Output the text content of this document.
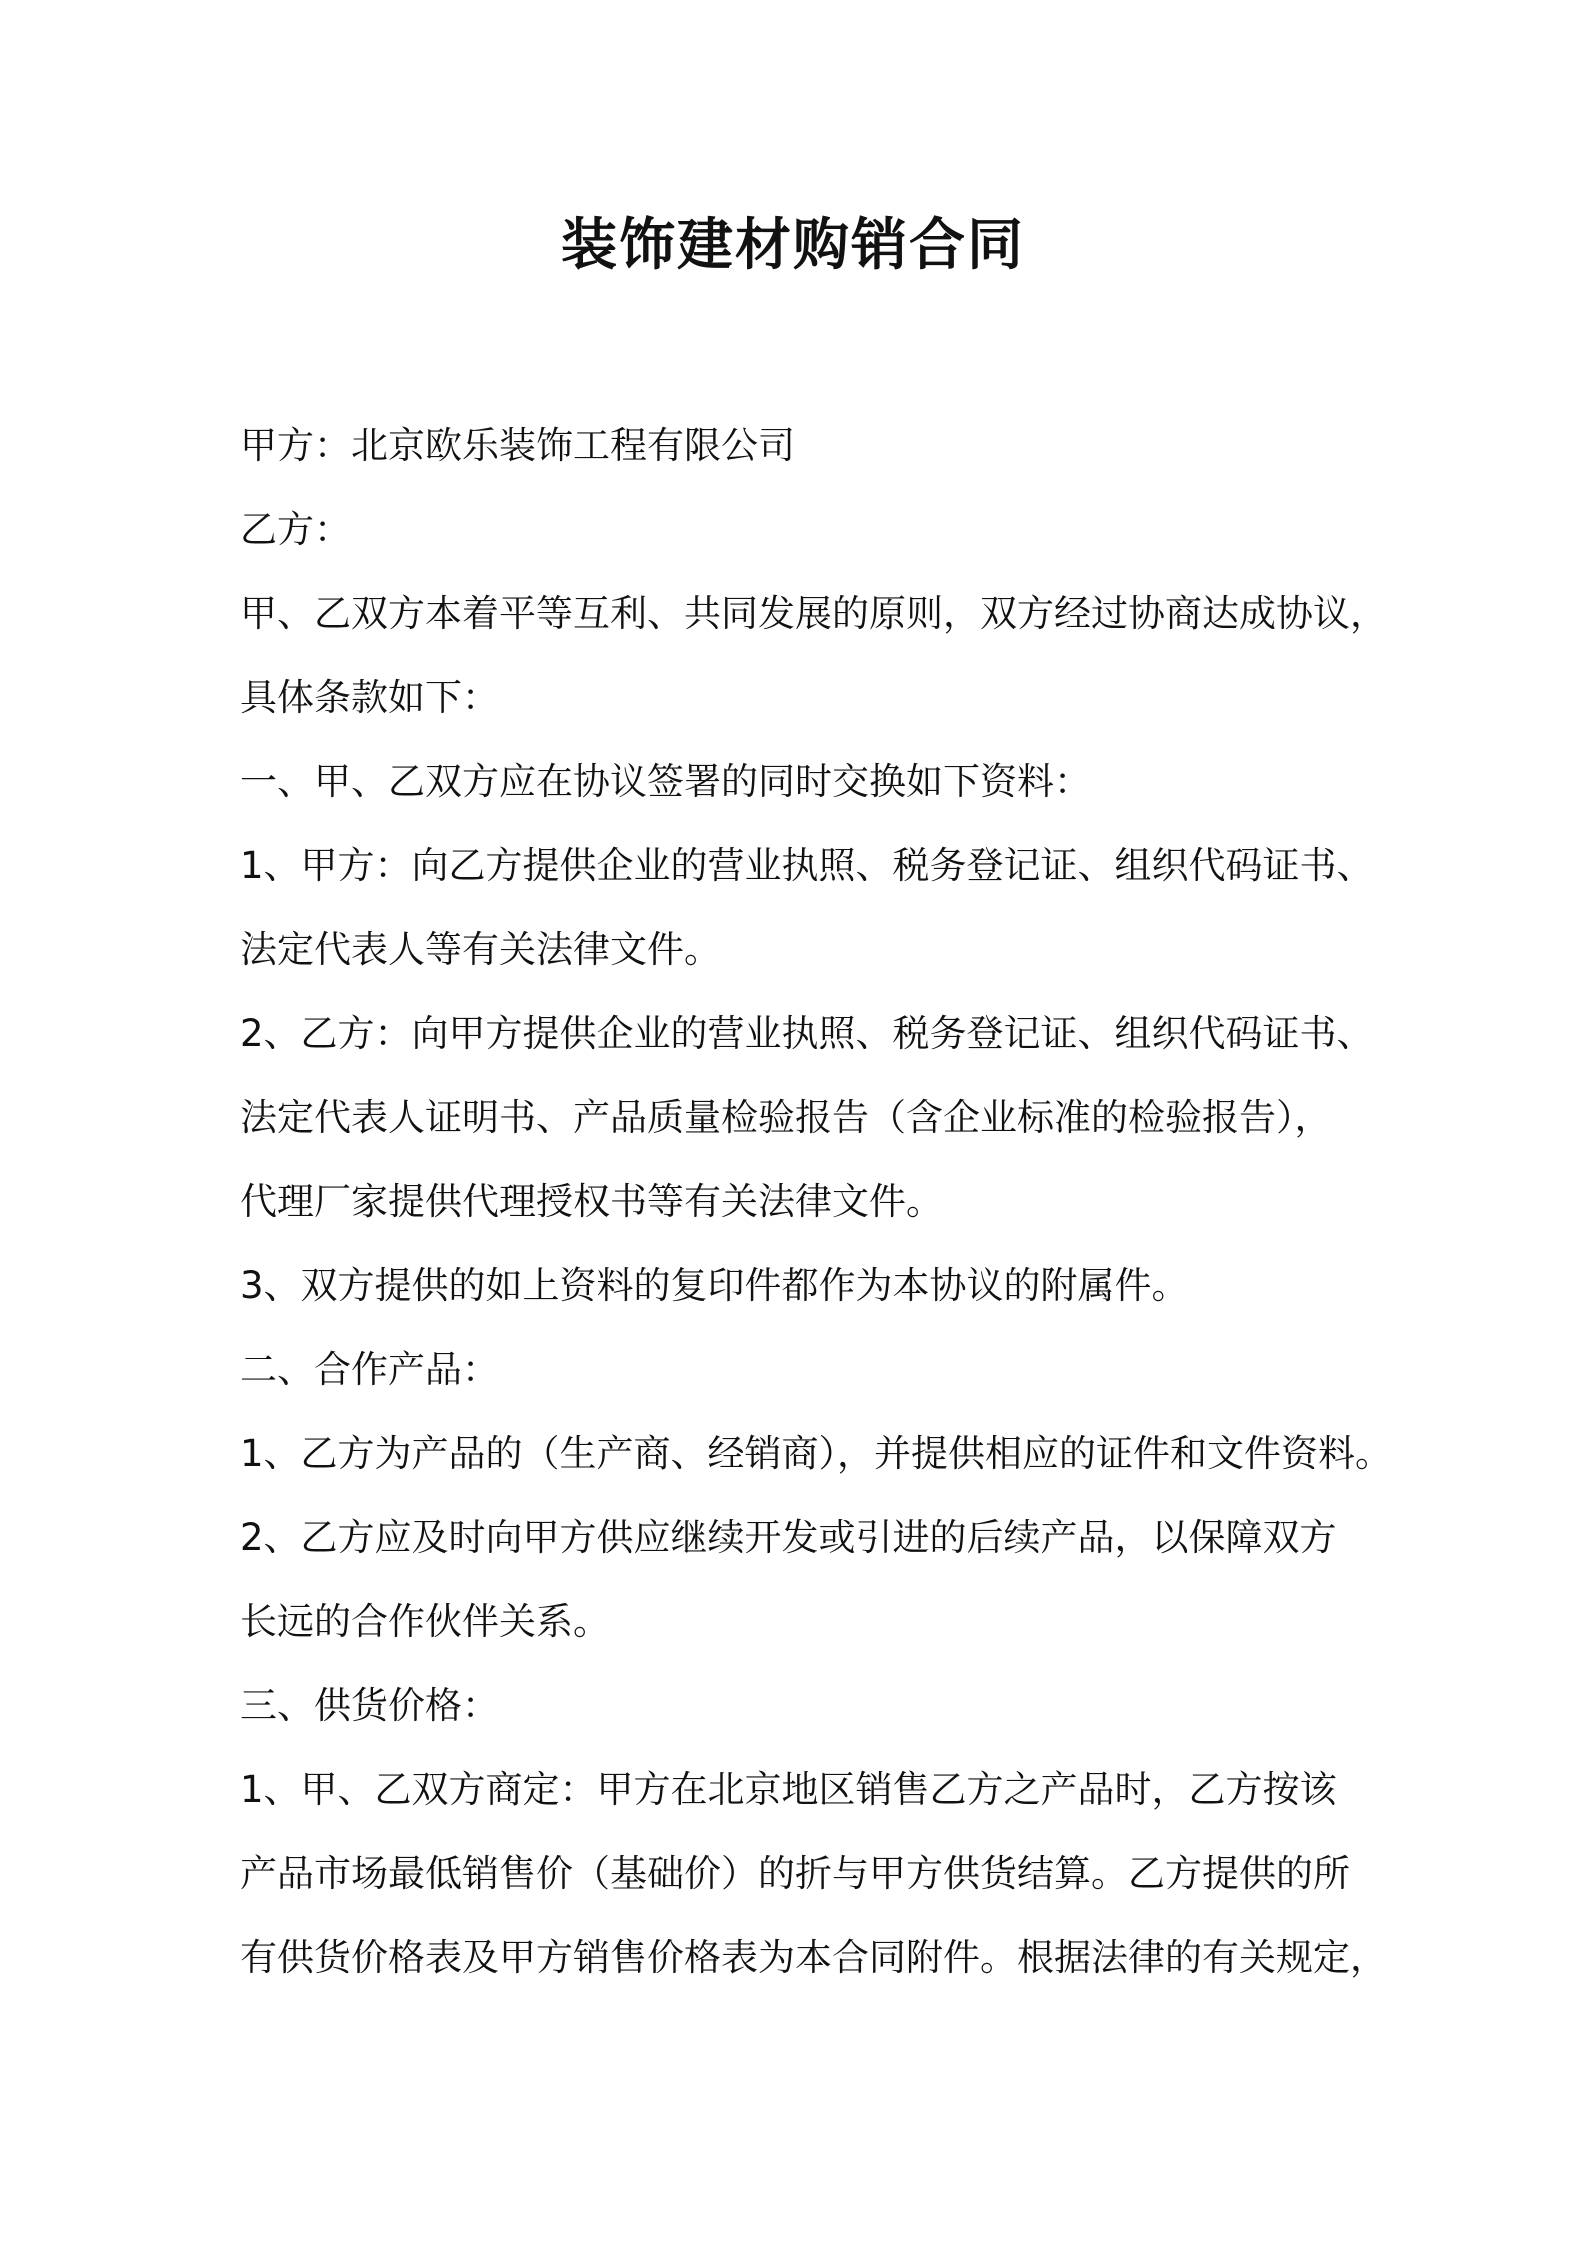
装饰建材购销合同

甲方：北京欧乐装饰工程有限公司

乙方：

甲、乙双方本着平等互利、共同发展的原则，双方经过协商达成协议，

具体条款如下：

一、甲、乙双方应在协议签署的同时交换如下资料：

1、甲方：向乙方提供企业的营业执照、税务登记证、组织代码证书、

法定代表人等有关法律文件。

2、乙方：向甲方提供企业的营业执照、税务登记证、组织代码证书、

法定代表人证明书、产品质量检验报告（含企业标准的检验报告），

代理厂家提供代理授权书等有关法律文件。

3、双方提供的如上资料的复印件都作为本协议的附属件。

二、合作产品：

1、乙方为产品的（生产商、经销商），并提供相应的证件和文件资料。

2、乙方应及时向甲方供应继续开发或引进的后续产品，以保障双方

长远的合作伙伴关系。

三、供货价格：

1、甲、乙双方商定：甲方在北京地区销售乙方之产品时，乙方按该

产品市场最低销售价（基础价）的折与甲方供货结算。乙方提供的所

有供货价格表及甲方销售价格表为本合同附件。根据法律的有关规定，
